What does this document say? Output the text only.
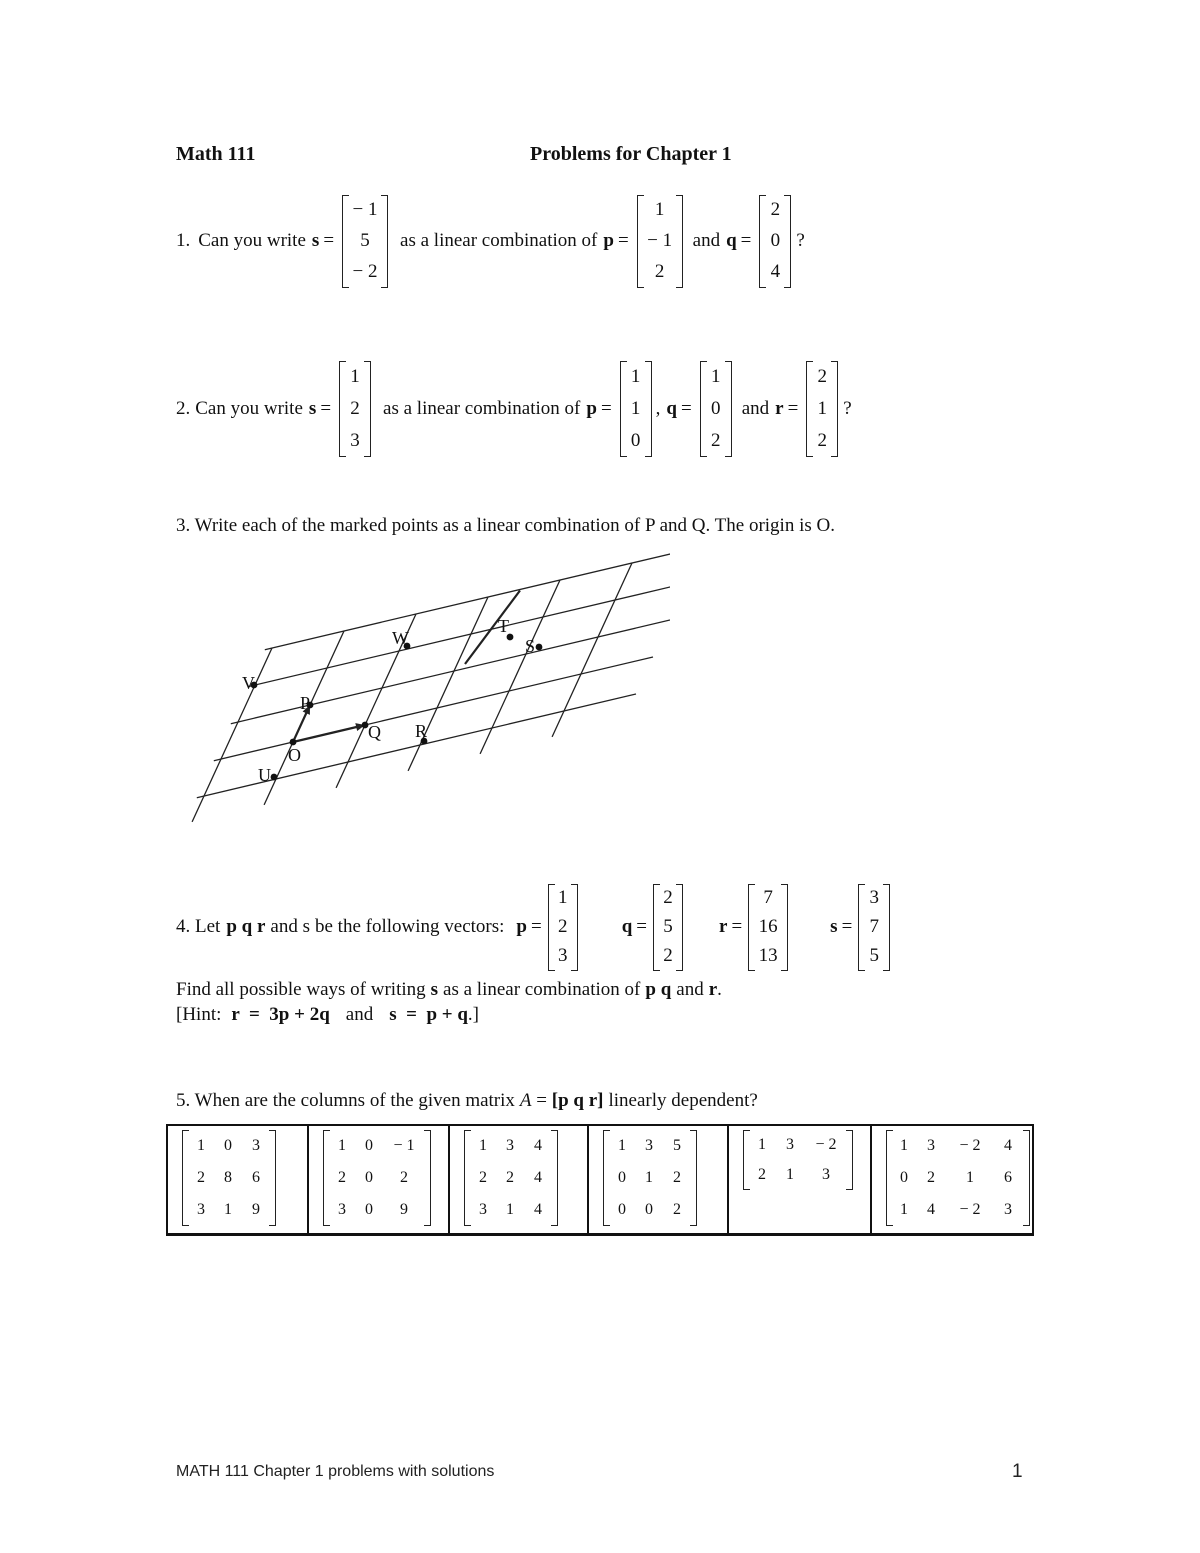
Math 111	Problems for Chapter 1
1. Can you write s =
− 1
5
− 2
as a linear combination of p =
1
− 1
2
and q =
2
0
4
?
2. Can you write s =
1
2
3
as a linear combination of p =
1
1
0
, q =
1
0
2
and r =
2
1
2
?
3. Write each of the marked points as a linear combination of P and Q. The origin is O.
V
W
T
S
P
Q R
O
U
4. Let p q r and s be the following vectors: p =
1
2
3
q =
2
5
2
r =
7
16
13
s =
3
7
5
Find all possible ways of writing s as a linear combination of p q and r .
[Hint: r  =  3p + 2q and s  =  p + q .]
5. When are the columns of the given matrix A = [p q r] linearly dependent?
1	0	3
2	8	6
3	1	9
1	0	− 1
2	0	2
3	0	9
1	3	4
2	2	4
3	1	4
1	3	5
0	1	2
0	0	2
1	3	− 2
2	1	3
1	3	− 2	4
0	2	1	6
1	4	− 2	3
MATH 111 Chapter 1 problems with solutions	1
